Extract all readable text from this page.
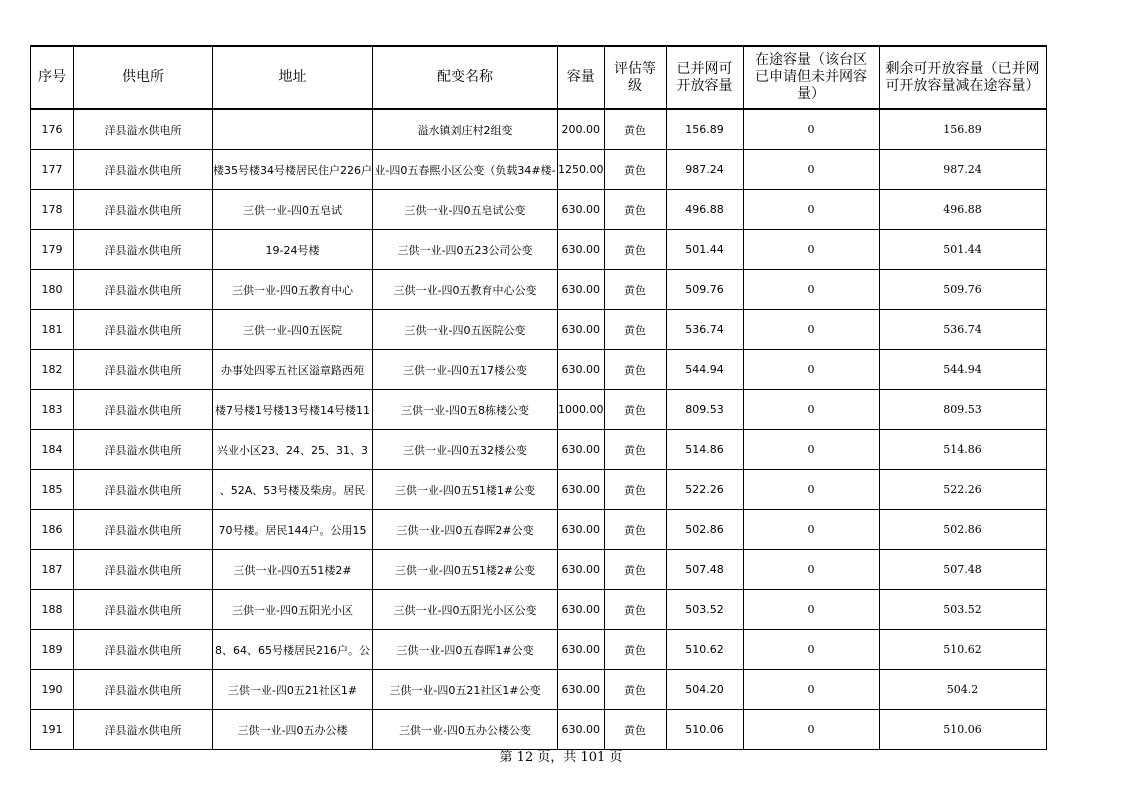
序号	供电所	地址	配变名称	容量	评估等级	已并网可开放容量	在途容量（该台区已申请但未并网容量）	剩余可开放容量（已并网可开放容量减在途容量）
176	洋县溢水供电所		溢水镇刘庄村2组变	200.00	黄色	156.89	0	156.89
177	洋县溢水供电所	楼35号楼34号楼居民住户226户	业-四0五春熙小区公变（负载34#楼-	1250.00	黄色	987.24	0	987.24
178	洋县溢水供电所	三供一业-四0五皂试	三供一业-四0五皂试公变	630.00	黄色	496.88	0	496.88
179	洋县溢水供电所	19-24号楼	三供一业-四0五23公司公变	630.00	黄色	501.44	0	501.44
180	洋县溢水供电所	三供一业-四0五教育中心	三供一业-四0五教育中心公变	630.00	黄色	509.76	0	509.76
181	洋县溢水供电所	三供一业-四0五医院	三供一业-四0五医院公变	630.00	黄色	536.74	0	536.74
182	洋县溢水供电所	办事处四零五社区溢章路西苑	三供一业-四0五17楼公变	630.00	黄色	544.94	0	544.94
183	洋县溢水供电所	楼7号楼1号楼13号楼14号楼11	三供一业-四0五8栋楼公变	1000.00	黄色	809.53	0	809.53
184	洋县溢水供电所	兴业小区23、24、25、31、3	三供一业-四0五32楼公变	630.00	黄色	514.86	0	514.86
185	洋县溢水供电所	、52A、53号楼及柴房。居民	三供一业-四0五51楼1#公变	630.00	黄色	522.26	0	522.26
186	洋县溢水供电所	70号楼。居民144户。公用15	三供一业-四0五春晖2#公变	630.00	黄色	502.86	0	502.86
187	洋县溢水供电所	三供一业-四0五51楼2#	三供一业-四0五51楼2#公变	630.00	黄色	507.48	0	507.48
188	洋县溢水供电所	三供一业-四0五阳光小区	三供一业-四0五阳光小区公变	630.00	黄色	503.52	0	503.52
189	洋县溢水供电所	8、64、65号楼居民216户。公	三供一业-四0五春晖1#公变	630.00	黄色	510.62	0	510.62
190	洋县溢水供电所	三供一业-四0五21社区1#	三供一业-四0五21社区1#公变	630.00	黄色	504.20	0	504.2
191	洋县溢水供电所	三供一业-四0五办公楼	三供一业-四0五办公楼公变	630.00	黄色	510.06	0	510.06
第 12 页，共 101 页
